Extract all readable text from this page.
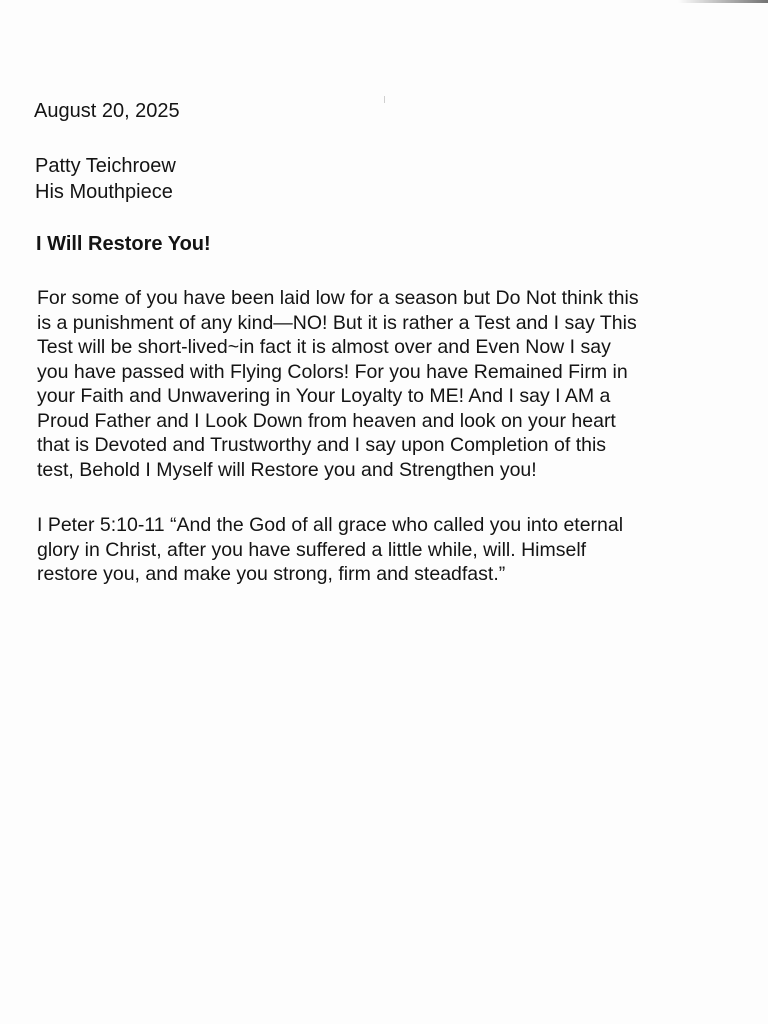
August 20, 2025
Patty Teichroew
His Mouthpiece
I Will Restore You!
For some of you have been laid low for a season but Do Not think this
is a punishment of any kind—NO! But it is rather a Test and I say This
Test will be short-lived~in fact it is almost over and Even Now I say
you have passed with Flying Colors! For you have Remained Firm in
your Faith and Unwavering in Your Loyalty to ME! And I say I AM a
Proud Father and I Look Down from heaven and look on your heart
that is Devoted and Trustworthy and I say upon Completion of this
test, Behold I Myself will Restore you and Strengthen you!
I Peter 5:10-11 “And the God of all grace who called you into eternal
glory in Christ, after you have suffered a little while, will. Himself
restore you, and make you strong, firm and steadfast.”
